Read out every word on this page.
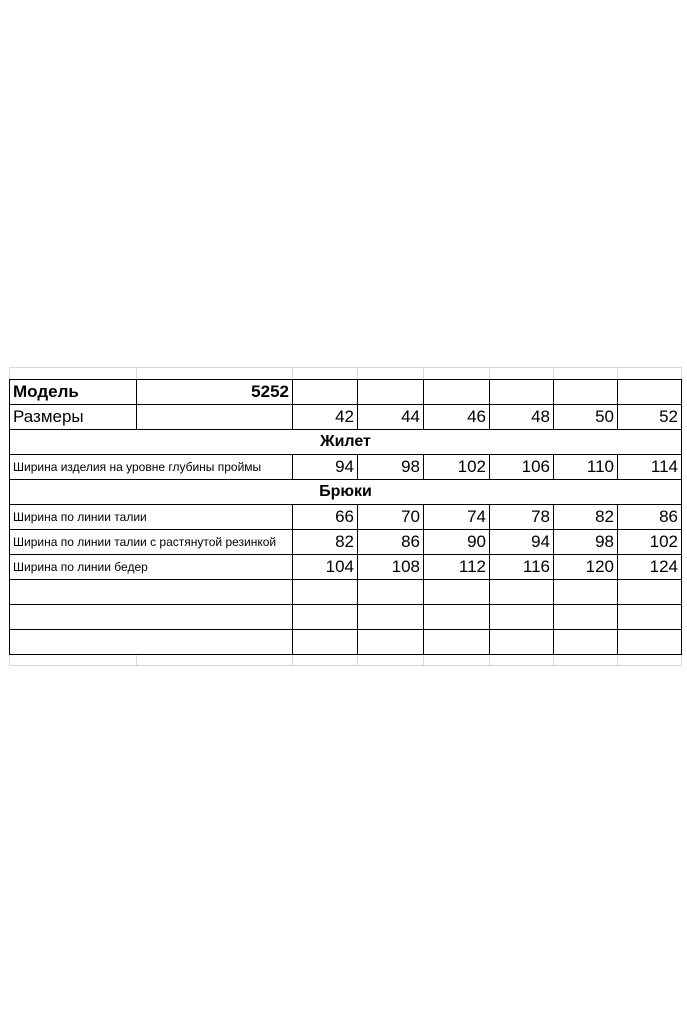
Модель	5252
Размеры	42	44	46	48	50	52
Жилет
Ширина изделия на уровне глубины проймы	94	98	102	106	110	114
Брюки
Ширина по линии талии	66	70	74	78	82	86
Ширина по линии талии с растянутой резинкой	82	86	90	94	98	102
Ширина по линии бедер	104	108	112	116	120	124
